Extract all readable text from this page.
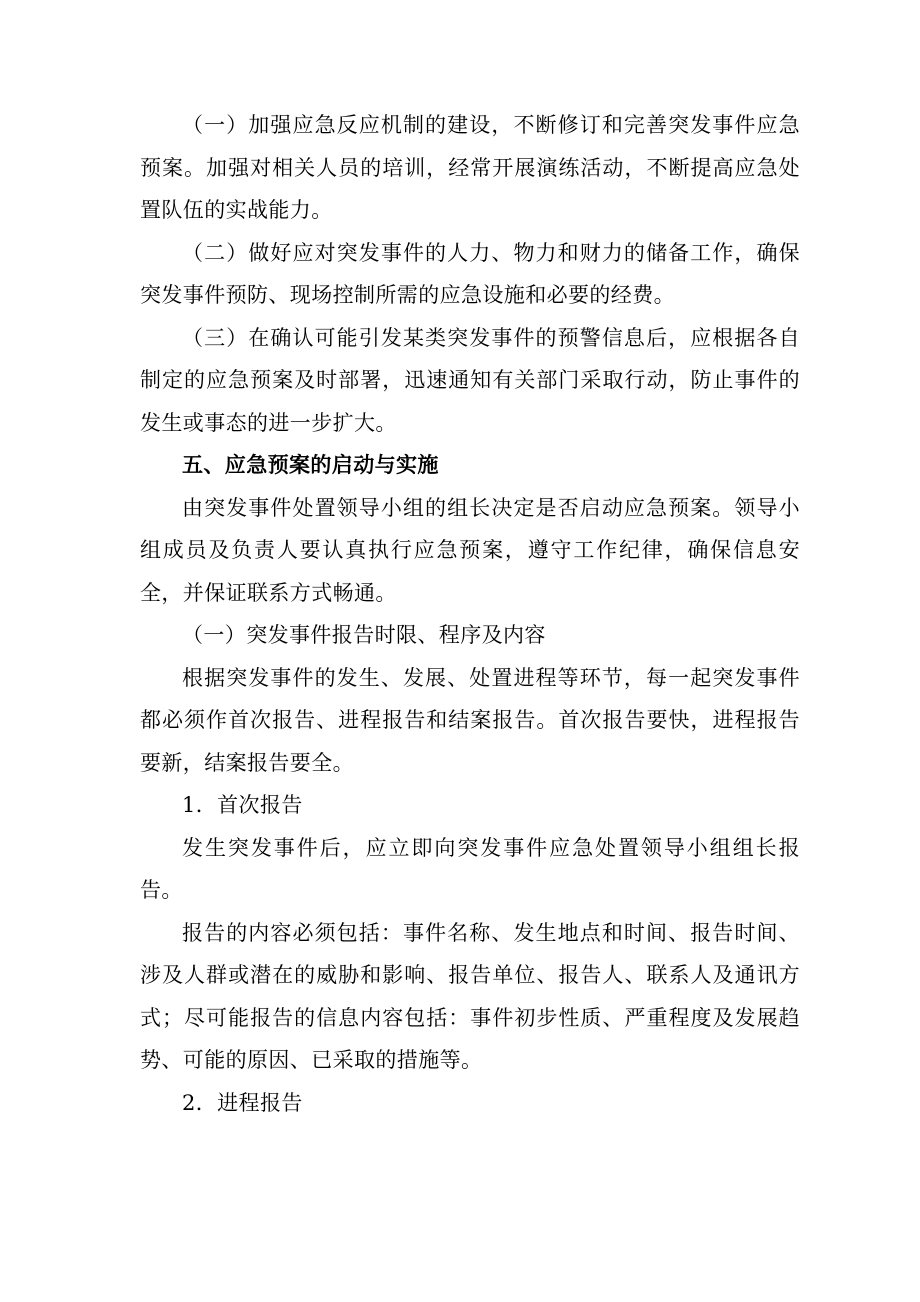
（一）加强应急反应机制的建设，不断修订和完善突发事件应急预案。加强对相关人员的培训，经常开展演练活动，不断提高应急处置队伍的实战能力。

（二）做好应对突发事件的人力、物力和财力的储备工作，确保突发事件预防、现场控制所需的应急设施和必要的经费。

（三）在确认可能引发某类突发事件的预警信息后，应根据各自制定的应急预案及时部署，迅速通知有关部门采取行动，防止事件的发生或事态的进一步扩大。

五、应急预案的启动与实施

由突发事件处置领导小组的组长决定是否启动应急预案。领导小组成员及负责人要认真执行应急预案，遵守工作纪律，确保信息安全，并保证联系方式畅通。

（一）突发事件报告时限、程序及内容

根据突发事件的发生、发展、处置进程等环节，每一起突发事件都必须作首次报告、进程报告和结案报告。首次报告要快，进程报告要新，结案报告要全。

1．首次报告

发生突发事件后，应立即向突发事件应急处置领导小组组长报告。

报告的内容必须包括：事件名称、发生地点和时间、报告时间、涉及人群或潜在的威胁和影响、报告单位、报告人、联系人及通讯方式；尽可能报告的信息内容包括：事件初步性质、严重程度及发展趋势、可能的原因、已采取的措施等。

2．进程报告
